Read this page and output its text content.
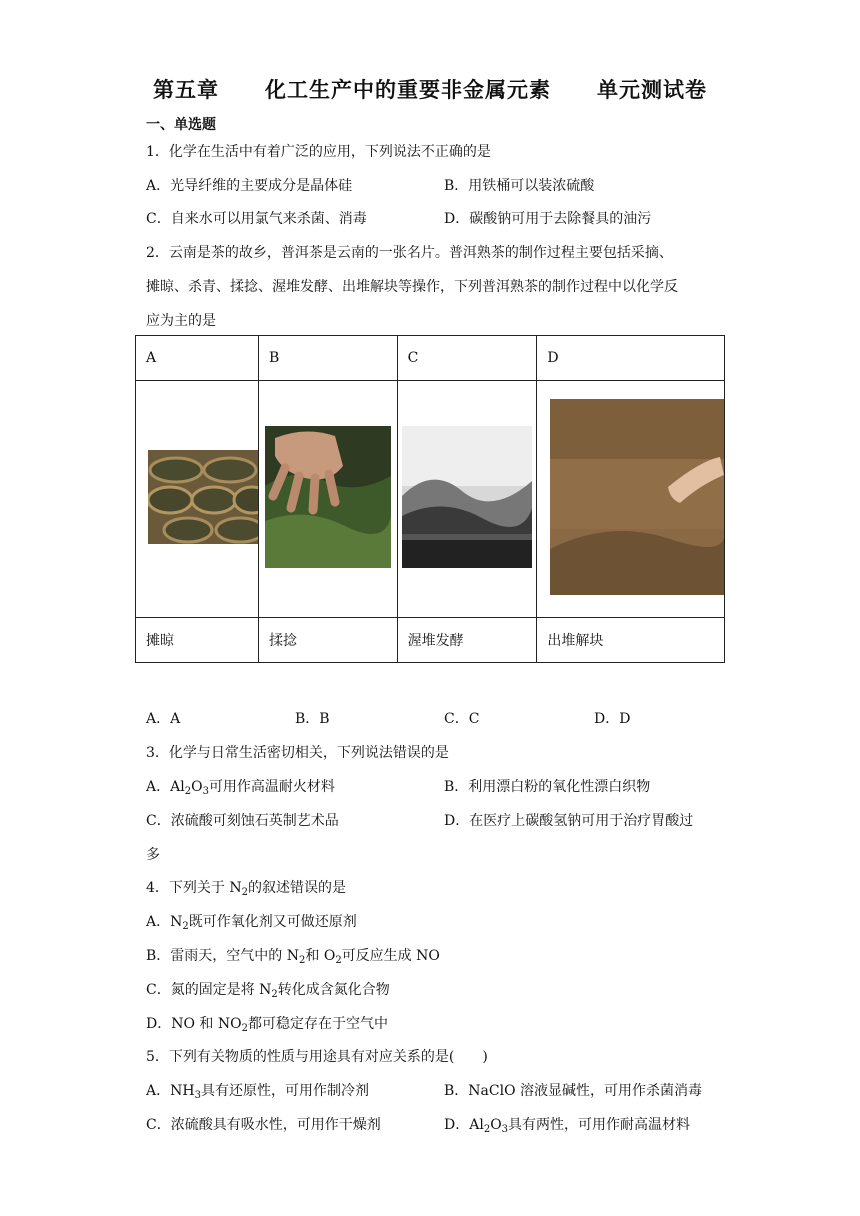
第五章 化工生产中的重要非金属元素 单元测试卷
一、单选题
1．化学在生活中有着广泛的应用，下列说法不正确的是
A．光导纤维的主要成分是晶体硅	B．用铁桶可以装浓硫酸
C．自来水可以用氯气来杀菌、消毒	D．碳酸钠可用于去除餐具的油污
2．云南是茶的故乡，普洱茶是云南的一张名片。普洱熟茶的制作过程主要包括采摘、
摊晾、杀青、揉捻、渥堆发酵、出堆解块等操作，下列普洱熟茶的制作过程中以化学反
应为主的是
A	B	C	D

摊晾	揉捻	渥堆发酵	出堆解块
A．A	B．B	C．C	D．D
3．化学与日常生活密切相关，下列说法错误的是
A．$Al_2O_3$可用作高温耐火材料	B．利用漂白粉的氧化性漂白织物
C．浓硫酸可刻蚀石英制艺术品	D．在医疗上碳酸氢钠可用于治疗胃酸过
多
4．下列关于 $N_2$的叙述错误的是
A．$N_2$既可作氧化剂又可做还原剂
B．雷雨天，空气中的 $N_2$和 $O_2$可反应生成 NO
C．氮的固定是将 $N_2$转化成含氮化合物
D．NO 和 $NO_2$都可稳定存在于空气中
5．下列有关物质的性质与用途具有对应关系的是(　　)
A．$NH_3$具有还原性，可用作制冷剂	B．NaClO 溶液显碱性，可用作杀菌消毒
C．浓硫酸具有吸水性，可用作干燥剂	D．$Al_2O_3$具有两性，可用作耐高温材料
